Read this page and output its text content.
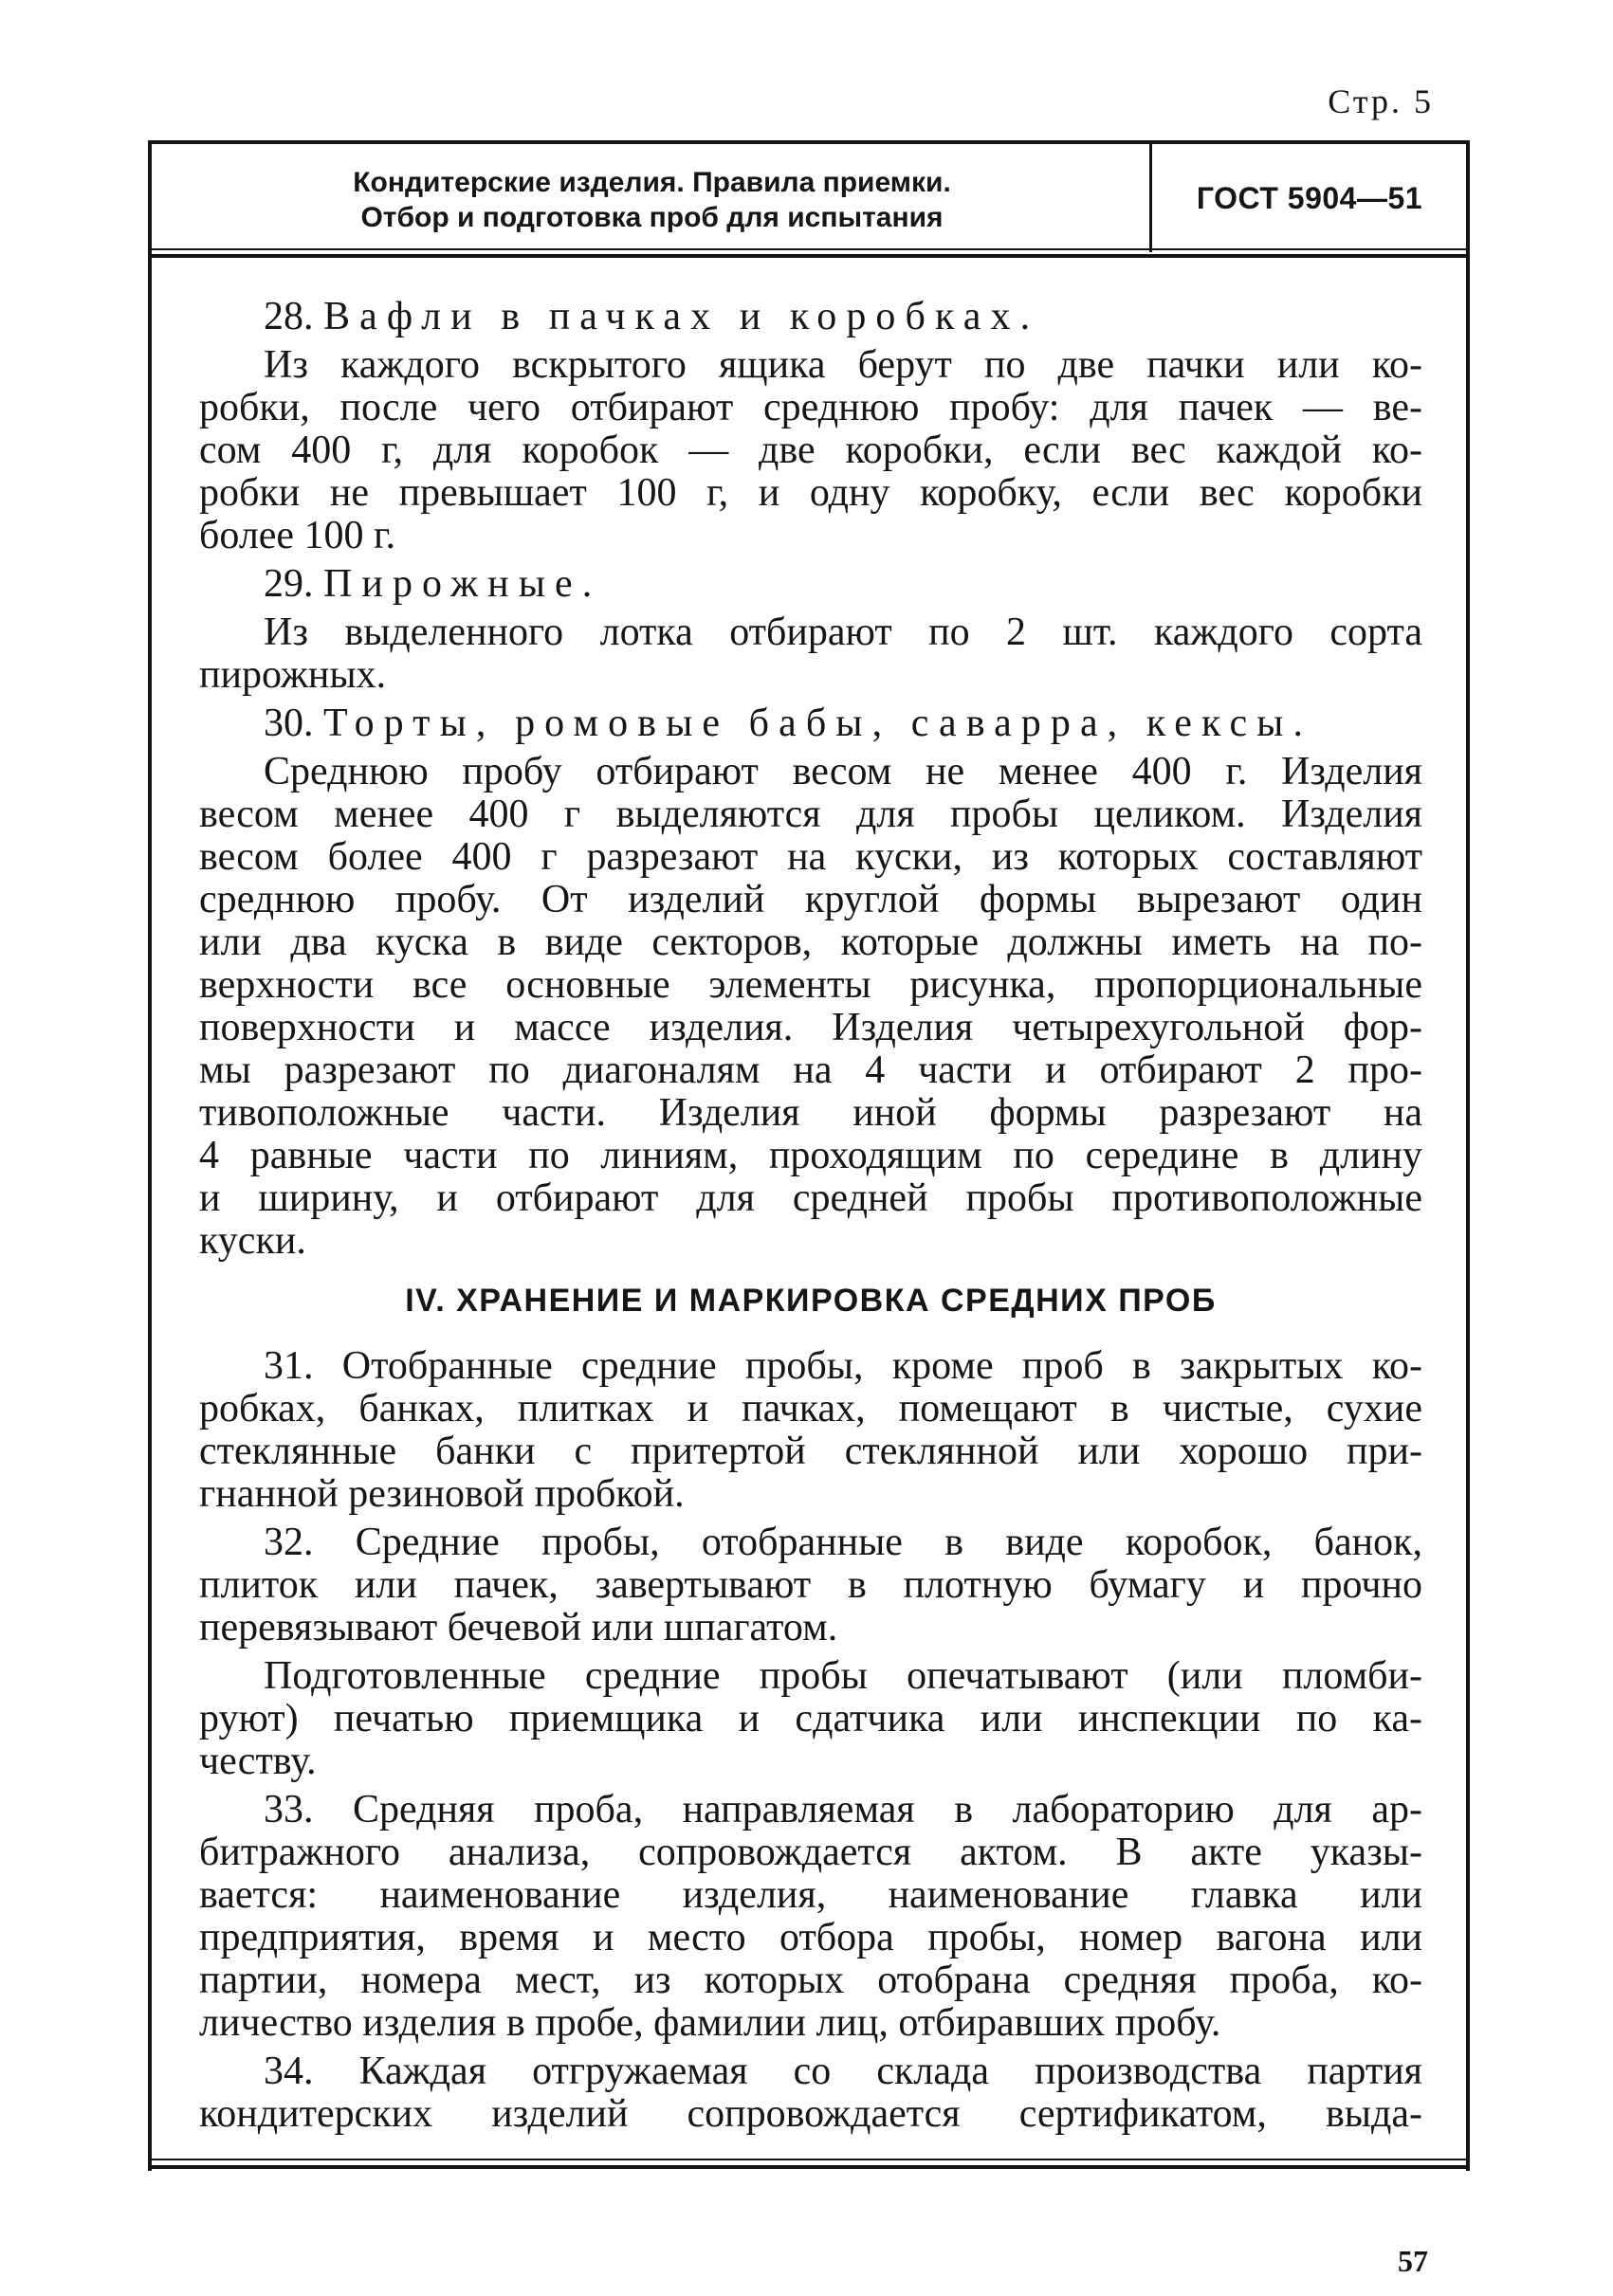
Стр. 5
Кондитерские изделия. Правила приемки.
Отбор и подготовка проб для испытания
ГОСТ 5904—51
28. Вафли в пачках и коробках.
Из каждого вскрытого ящика берут по две пачки или ко-
робки, после чего отбирают среднюю пробу: для пачек — ве-
сом 400 г, для коробок — две коробки, если вес каждой ко-
робки не превышает 100 г, и одну коробку, если вес коробки
более 100 г.
29. Пирожные.
Из выделенного лотка отбирают по 2 шт. каждого сорта
пирожных.
30. Торты, ромовые бабы, саварра, кексы.
Среднюю пробу отбирают весом не менее 400 г. Изделия
весом менее 400 г выделяются для пробы целиком. Изделия
весом более 400 г разрезают на куски, из которых составляют
среднюю пробу. От изделий круглой формы вырезают один
или два куска в виде секторов, которые должны иметь на по-
верхности все основные элементы рисунка, пропорциональные
поверхности и массе изделия. Изделия четырехугольной фор-
мы разрезают по диагоналям на 4 части и отбирают 2 про-
тивоположные части. Изделия иной формы разрезают на
4 равные части по линиям, проходящим по середине в длину
и ширину, и отбирают для средней пробы противоположные
куски.
IV. ХРАНЕНИЕ И МАРКИРОВКА СРЕДНИХ ПРОБ
31. Отобранные средние пробы, кроме проб в закрытых ко-
робках, банках, плитках и пачках, помещают в чистые, сухие
стеклянные банки с притертой стеклянной или хорошо при-
гнанной резиновой пробкой.
32. Средние пробы, отобранные в виде коробок, банок,
плиток или пачек, завертывают в плотную бумагу и прочно
перевязывают бечевой или шпагатом.
Подготовленные средние пробы опечатывают (или пломби-
руют) печатью приемщика и сдатчика или инспекции по ка-
честву.
33. Средняя проба, направляемая в лабораторию для ар-
битражного анализа, сопровождается актом. В акте указы-
вается: наименование изделия, наименование главка или
предприятия, время и место отбора пробы, номер вагона или
партии, номера мест, из которых отобрана средняя проба, ко-
личество изделия в пробе, фамилии лиц, отбиравших пробу.
34. Каждая отгружаемая со склада производства партия
кондитерских изделий сопровождается сертификатом, выда-
57
